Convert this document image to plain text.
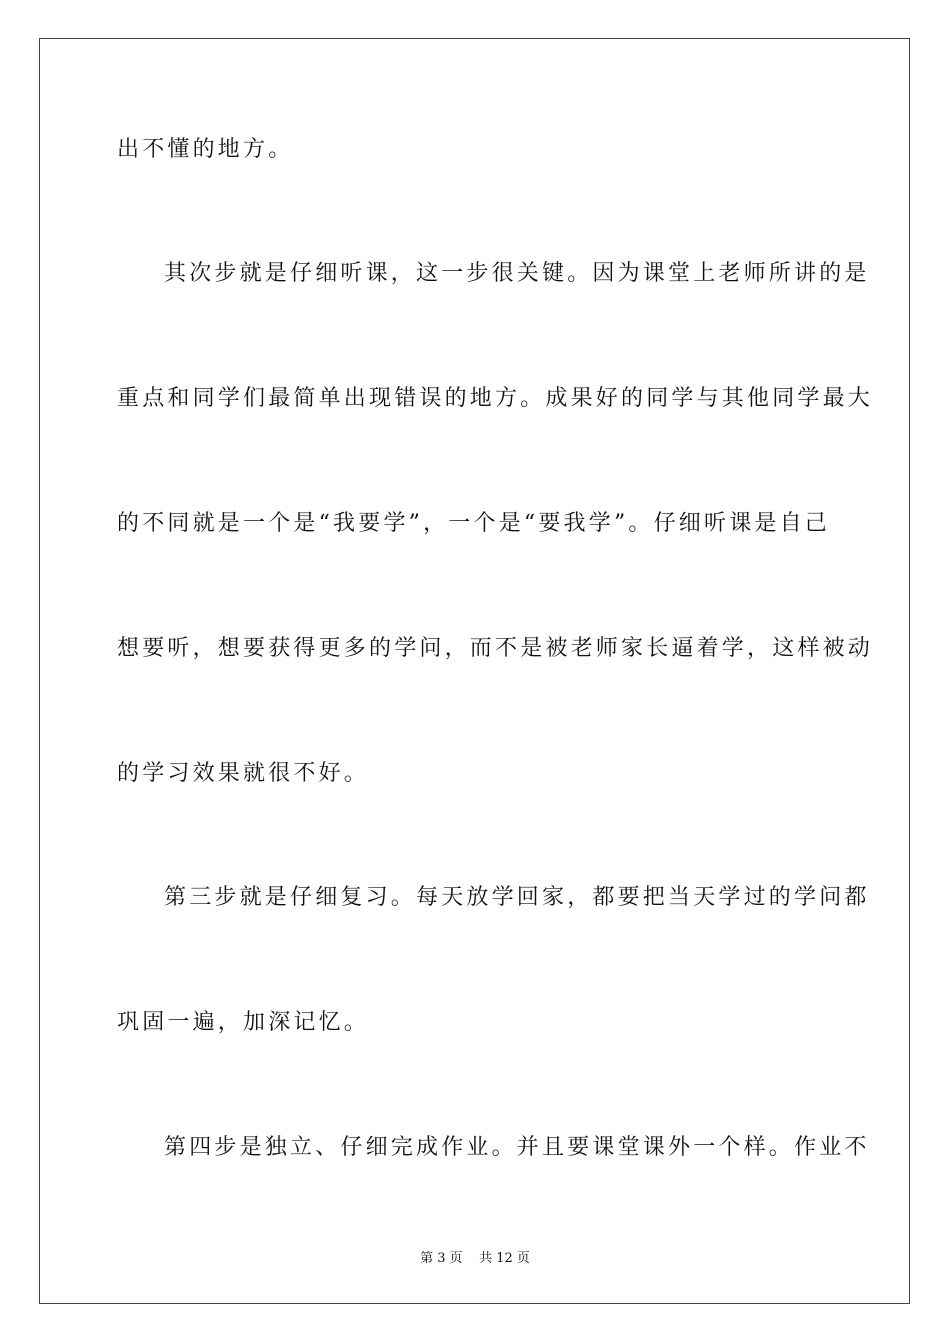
出不懂的地方。
其次步就是仔细听课，这一步很关键。因为课堂上老师所讲的是
重点和同学们最简单出现错误的地方。成果好的同学与其他同学最大
的不同就是一个是“我要学”，一个是“要我学”。仔细听课是自己
想要听，想要获得更多的学问，而不是被老师家长逼着学，这样被动
的学习效果就很不好。
第三步就是仔细复习。每天放学回家，都要把当天学过的学问都
巩固一遍，加深记忆。
第四步是独立、仔细完成作业。并且要课堂课外一个样。作业不
第 3 页    共 12 页
